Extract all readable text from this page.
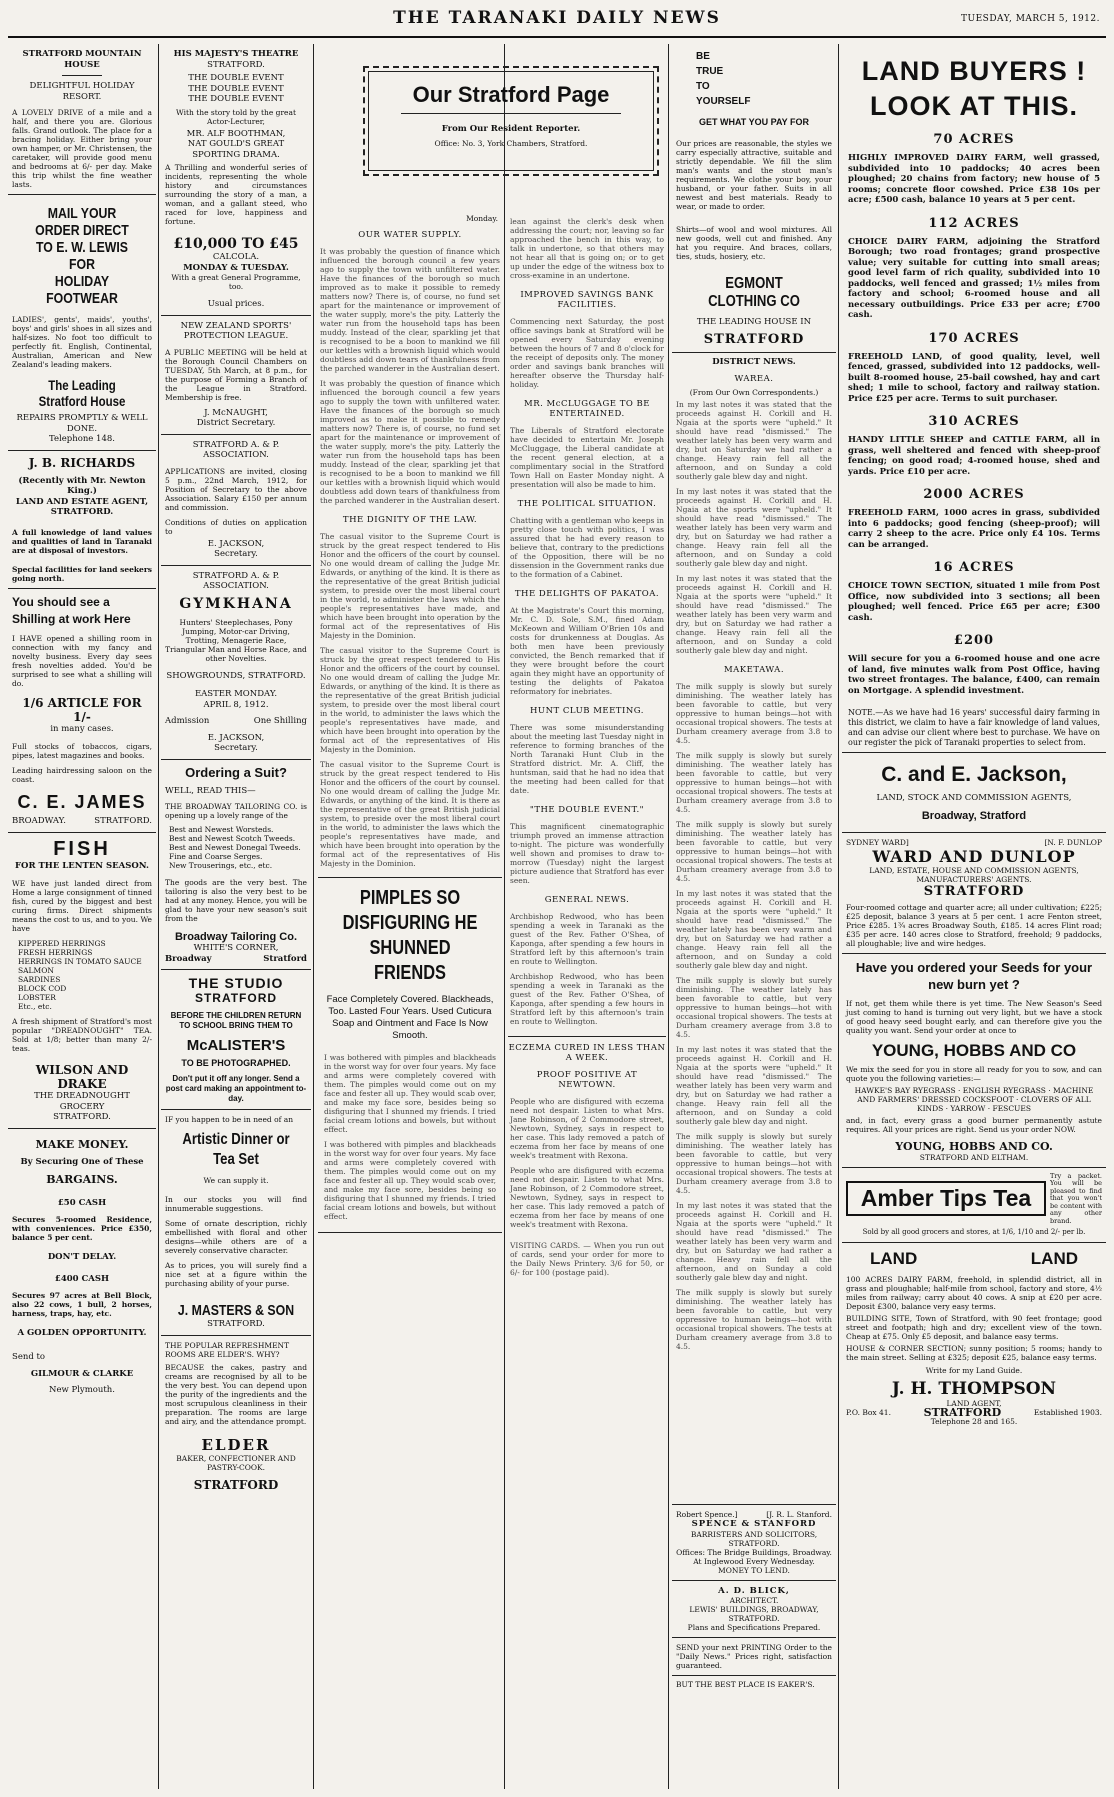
THE TARANAKI DAILY NEWS	TUESDAY, MARCH 5, 1912.
STRATFORD MOUNTAIN HOUSE
DELIGHTFUL HOLIDAY RESORT.
A LOVELY DRIVE of a mile and a half, and there you are. Glorious falls. Grand outlook. The place for a bracing holiday. Either bring your own hamper, or Mr. Christensen, the caretaker, will provide good menu and bedrooms at 6/- per day. Make this trip whilst the fine weather lasts.
MAIL YOUR ORDER DIRECT
TO E. W. LEWIS FOR
HOLIDAY FOOTWEAR
LADIES', gents', maids', youths', boys' and girls' shoes in all sizes and half-sizes. No foot too difficult to perfectly fit. English, Continental, Australian, American and New Zealand's leading makers.
The Leading Stratford House
REPAIRS PROMPTLY & WELL DONE.
Telephone 148.
J. B. RICHARDS
(Recently with Mr. Newton King.)
LAND AND ESTATE AGENT,
STRATFORD.
A full knowledge of land values and qualities of land in Taranaki are at disposal of investors.
Special facilities for land seekers going north.
You should see a Shilling at work Here
I HAVE opened a shilling room in connection with my fancy and novelty business. Every day sees fresh novelties added. You'd be surprised to see what a shilling will do.
1/6 ARTICLE FOR 1/-
in many cases.
Full stocks of tobaccos, cigars, pipes, latest magazines and books.
Leading hairdressing saloon on the coast.
C. E. JAMES
BROADWAY.	STRATFORD.
FISH
FOR THE LENTEN SEASON.
WE have just landed direct from Home a large consignment of tinned fish, cured by the biggest and best curing firms. Direct shipments means the cost to us, and to you. We have
KIPPERED HERRINGS
FRESH HERRINGS
HERRINGS IN TOMATO SAUCE
SALMON
SARDINES
BLOCK COD
LOBSTER
Etc., etc.
A fresh shipment of Stratford's most popular "DREADNOUGHT" TEA. Sold at 1/8; better than many 2/- teas.
WILSON AND DRAKE
THE DREADNOUGHT GROCERY
STRATFORD.
MAKE MONEY.
By Securing One of These
BARGAINS.
£50 CASH
Secures 5-roomed Residence, with conveniences. Price £350, balance 5 per cent.
DON'T DELAY.
£400 CASH
Secures 97 acres at Bell Block, also 22 cows, 1 bull, 2 horses, harness, traps, hay, etc.
A GOLDEN OPPORTUNITY.
Send to
GILMOUR & CLARKE
New Plymouth.
HIS MAJESTY'S THEATRE
STRATFORD.
THE DOUBLE EVENT
THE DOUBLE EVENT
THE DOUBLE EVENT
With the story told by the great Actor-Lecturer,
MR. ALF BOOTHMAN,
NAT GOULD'S GREAT SPORTING DRAMA.
A Thrilling and wonderful series of incidents, representing the whole history and circumstances surrounding the story of a man, a woman, and a gallant steed, who raced for love, happiness and fortune.
£10,000 TO £45
CALCOLA.
MONDAY & TUESDAY.
With a great General Programme, too.
Usual prices.
NEW ZEALAND SPORTS' PROTECTION LEAGUE.
A PUBLIC MEETING will be held at the Borough Council Chambers on TUESDAY, 5th March, at 8 p.m., for the purpose of Forming a Branch of the League in Stratford. Membership is free.
J. McNAUGHT,
District Secretary.
STRATFORD A. & P. ASSOCIATION.
APPLICATIONS are invited, closing 5 p.m., 22nd March, 1912, for Position of Secretary to the above Association. Salary £150 per annum and commission.
Conditions of duties on application to
E. JACKSON,
Secretary.
STRATFORD A. & P. ASSOCIATION.
GYMKHANA
Hunters' Steeplechases, Pony Jumping, Motor-car Driving, Trotting, Menagerie Race, Triangular Man and Horse Race, and other Novelties.
SHOWGROUNDS, STRATFORD.
EASTER MONDAY.
APRIL 8, 1912.
Admission	One Shilling
E. JACKSON,
Secretary.
Ordering a Suit?
WELL, READ THIS—
THE BROADWAY TAILORING CO. is opening up a lovely range of the
Best and Newest Worsteds.
Best and Newest Scotch Tweeds.
Best and Newest Donegal Tweeds.
Fine and Coarse Serges.
New Trouserings, etc., etc.
The goods are the very best. The tailoring is also the very best to be had at any money. Hence, you will be glad to have your new season's suit from the
Broadway Tailoring Co.
WHITE'S CORNER,
Broadway	Stratford
THE STUDIO
STRATFORD
BEFORE THE CHILDREN RETURN TO SCHOOL BRING THEM TO
McALISTER'S
TO BE PHOTOGRAPHED.
Don't put it off any longer. Send a post card making an appointment to-day.
IF you happen to be in need of an
Artistic Dinner or Tea Set
We can supply it.
In our stocks you will find innumerable suggestions.
Some of ornate description, richly embellished with floral and other designs—while others are of a severely conservative character.
As to prices, you will surely find a nice set at a figure within the purchasing ability of your purse.
J. MASTERS & SON
STRATFORD.
THE POPULAR REFRESHMENT ROOMS ARE ELDER'S. WHY?
BECAUSE the cakes, pastry and creams are recognised by all to be the very best. You can depend upon the purity of the ingredients and the most scrupulous cleanliness in their preparation. The rooms are large and airy, and the attendance prompt.
ELDER
BAKER, CONFECTIONER AND PASTRY-COOK.
STRATFORD
Our Stratford Page
From Our Resident Reporter.
Office: No. 3, York Chambers, Stratford.
Monday.
OUR WATER SUPPLY.
It was probably the question of finance which influenced the borough council a few years ago to supply the town with unfiltered water. Have the finances of the borough so much improved as to make it possible to remedy matters now? There is, of course, no fund set apart for the maintenance or improvement of the water supply, more's the pity. Latterly the water run from the household taps has been muddy. Instead of the clear, sparkling jet that is recognised to be a boon to mankind we fill our kettles with a brownish liquid which would doubtless add down tears of thankfulness from the parched wanderer in the Australian desert.
It was probably the question of finance which influenced the borough council a few years ago to supply the town with unfiltered water. Have the finances of the borough so much improved as to make it possible to remedy matters now? There is, of course, no fund set apart for the maintenance or improvement of the water supply, more's the pity. Latterly the water run from the household taps has been muddy. Instead of the clear, sparkling jet that is recognised to be a boon to mankind we fill our kettles with a brownish liquid which would doubtless add down tears of thankfulness from the parched wanderer in the Australian desert.
THE DIGNITY OF THE LAW.
The casual visitor to the Supreme Court is struck by the great respect tendered to His Honor and the officers of the court by counsel. No one would dream of calling the Judge Mr. Edwards, or anything of the kind. It is there as the representative of the great British judicial system, to preside over the most liberal court in the world, to administer the laws which the people's representatives have made, and which have been brought into operation by the formal act of the representatives of His Majesty in the Dominion.
The casual visitor to the Supreme Court is struck by the great respect tendered to His Honor and the officers of the court by counsel. No one would dream of calling the Judge Mr. Edwards, or anything of the kind. It is there as the representative of the great British judicial system, to preside over the most liberal court in the world, to administer the laws which the people's representatives have made, and which have been brought into operation by the formal act of the representatives of His Majesty in the Dominion.
The casual visitor to the Supreme Court is struck by the great respect tendered to His Honor and the officers of the court by counsel. No one would dream of calling the Judge Mr. Edwards, or anything of the kind. It is there as the representative of the great British judicial system, to preside over the most liberal court in the world, to administer the laws which the people's representatives have made, and which have been brought into operation by the formal act of the representatives of His Majesty in the Dominion.
PIMPLES SO DISFIGURING HE SHUNNED FRIENDS
Face Completely Covered. Blackheads, Too. Lasted Four Years. Used Cuticura Soap and Ointment and Face Is Now Smooth.
I was bothered with pimples and blackheads in the worst way for over four years. My face and arms were completely covered with them. The pimples would come out on my face and fester all up. They would scab over, and make my face sore, besides being so disfiguring that I shunned my friends. I tried facial cream lotions and bowels, but without effect.
I was bothered with pimples and blackheads in the worst way for over four years. My face and arms were completely covered with them. The pimples would come out on my face and fester all up. They would scab over, and make my face sore, besides being so disfiguring that I shunned my friends. I tried facial cream lotions and bowels, but without effect.
lean against the clerk's desk when addressing the court; nor, leaving so far approached the bench in this way, to talk in undertone, so that others may not hear all that is going on; or to get up under the edge of the witness box to cross-examine in an undertone.
IMPROVED SAVINGS BANK FACILITIES.
Commencing next Saturday, the post office savings bank at Stratford will be opened every Saturday evening between the hours of 7 and 8 o'clock for the receipt of deposits only. The money order and savings bank branches will hereafter observe the Thursday half-holiday.
MR. McCLUGGAGE TO BE ENTERTAINED.
The Liberals of Stratford electorate have decided to entertain Mr. Joseph McCluggage, the Liberal candidate at the recent general election, at a complimentary social in the Stratford Town Hall on Easter Monday night. A presentation will also be made to him.
THE POLITICAL SITUATION.
Chatting with a gentleman who keeps in pretty close touch with politics, I was assured that he had every reason to believe that, contrary to the predictions of the Opposition, there will be no dissension in the Government ranks due to the formation of a Cabinet.
THE DELIGHTS OF PAKATOA.
At the Magistrate's Court this morning, Mr. C. D. Sole, S.M., fined Adam McKeown and William O'Brien 10s and costs for drunkenness at Douglas. As both men have been previously convicted, the Bench remarked that if they were brought before the court again they might have an opportunity of testing the delights of Pakatoa reformatory for inebriates.
HUNT CLUB MEETING.
There was some misunderstanding about the meeting last Tuesday night in reference to forming branches of the North Taranaki Hunt Club in the Stratford district. Mr. A. Cliff, the huntsman, said that he had no idea that the meeting had been called for that date.
"THE DOUBLE EVENT."
This magnificent cinematographic triumph proved an immense attraction to-night. The picture was wonderfully well shown and promises to draw to-morrow (Tuesday) night the largest picture audience that Stratford has ever seen.
GENERAL NEWS.
Archbishop Redwood, who has been spending a week in Taranaki as the guest of the Rev. Father O'Shea, of Kaponga, after spending a few hours in Stratford left by this afternoon's train en route to Wellington.
Archbishop Redwood, who has been spending a week in Taranaki as the guest of the Rev. Father O'Shea, of Kaponga, after spending a few hours in Stratford left by this afternoon's train en route to Wellington.
ECZEMA CURED IN LESS THAN A WEEK.
PROOF POSITIVE AT NEWTOWN.
People who are disfigured with eczema need not despair. Listen to what Mrs. Jane Robinson, of 2 Commodore street, Newtown, Sydney, says in respect to her case. This lady removed a patch of eczema from her face by means of one week's treatment with Rexona.
People who are disfigured with eczema need not despair. Listen to what Mrs. Jane Robinson, of 2 Commodore street, Newtown, Sydney, says in respect to her case. This lady removed a patch of eczema from her face by means of one week's treatment with Rexona.
VISITING CARDS. — When you run out of cards, send your order for more to the Daily News Printery. 3/6 for 50, or 6/- for 100 (postage paid).
BE
TRUE
TO
YOURSELF
GET WHAT YOU PAY FOR
Our prices are reasonable, the styles we carry especially attractive, suitable and strictly dependable. We fill the slim man's wants and the stout man's requirements. We clothe your boy, your husband, or your father. Suits in all newest and best materials. Ready to wear, or made to order.
Shirts—of wool and wool mixtures. All new goods, well cut and finished. Any hat you require. And braces, collars, ties, studs, hosiery, etc.
EGMONT CLOTHING CO
THE LEADING HOUSE IN
STRATFORD
DISTRICT NEWS.
WAREA.
(From Our Own Correspondents.)
In my last notes it was stated that the proceeds against H. Corkill and H. Ngaia at the sports were "upheld." It should have read "dismissed." The weather lately has been very warm and dry, but on Saturday we had rather a change. Heavy rain fell all the afternoon, and on Sunday a cold southerly gale blew day and night.
In my last notes it was stated that the proceeds against H. Corkill and H. Ngaia at the sports were "upheld." It should have read "dismissed." The weather lately has been very warm and dry, but on Saturday we had rather a change. Heavy rain fell all the afternoon, and on Sunday a cold southerly gale blew day and night.
In my last notes it was stated that the proceeds against H. Corkill and H. Ngaia at the sports were "upheld." It should have read "dismissed." The weather lately has been very warm and dry, but on Saturday we had rather a change. Heavy rain fell all the afternoon, and on Sunday a cold southerly gale blew day and night.
MAKETAWA.
The milk supply is slowly but surely diminishing. The weather lately has been favorable to cattle, but very oppressive to human beings—hot with occasional tropical showers. The tests at Durham creamery average from 3.8 to 4.5.
The milk supply is slowly but surely diminishing. The weather lately has been favorable to cattle, but very oppressive to human beings—hot with occasional tropical showers. The tests at Durham creamery average from 3.8 to 4.5.
The milk supply is slowly but surely diminishing. The weather lately has been favorable to cattle, but very oppressive to human beings—hot with occasional tropical showers. The tests at Durham creamery average from 3.8 to 4.5.
In my last notes it was stated that the proceeds against H. Corkill and H. Ngaia at the sports were "upheld." It should have read "dismissed." The weather lately has been very warm and dry, but on Saturday we had rather a change. Heavy rain fell all the afternoon, and on Sunday a cold southerly gale blew day and night.
The milk supply is slowly but surely diminishing. The weather lately has been favorable to cattle, but very oppressive to human beings—hot with occasional tropical showers. The tests at Durham creamery average from 3.8 to 4.5.
In my last notes it was stated that the proceeds against H. Corkill and H. Ngaia at the sports were "upheld." It should have read "dismissed." The weather lately has been very warm and dry, but on Saturday we had rather a change. Heavy rain fell all the afternoon, and on Sunday a cold southerly gale blew day and night.
The milk supply is slowly but surely diminishing. The weather lately has been favorable to cattle, but very oppressive to human beings—hot with occasional tropical showers. The tests at Durham creamery average from 3.8 to 4.5.
In my last notes it was stated that the proceeds against H. Corkill and H. Ngaia at the sports were "upheld." It should have read "dismissed." The weather lately has been very warm and dry, but on Saturday we had rather a change. Heavy rain fell all the afternoon, and on Sunday a cold southerly gale blew day and night.
The milk supply is slowly but surely diminishing. The weather lately has been favorable to cattle, but very oppressive to human beings—hot with occasional tropical showers. The tests at Durham creamery average from 3.8 to 4.5.
Robert Spence.]	[J. R. L. Stanford.
SPENCE & STANFORD
BARRISTERS AND SOLICITORS,
STRATFORD.
Offices: The Bridge Buildings, Broadway.
At Inglewood Every Wednesday.
MONEY TO LEND.
A. D. BLICK,
ARCHITECT.
LEWIS' BUILDINGS, BROADWAY,
STRATFORD.
Plans and Specifications Prepared.
SEND your next PRINTING Order to the "Daily News." Prices right, satisfaction guaranteed.
BUT THE BEST PLACE IS EAKER'S.
LAND BUYERS !
LOOK AT THIS.
70 ACRES
HIGHLY IMPROVED DAIRY FARM, well grassed, subdivided into 10 paddocks; 40 acres been ploughed; 20 chains from factory; new house of 5 rooms; concrete floor cowshed. Price £38 10s per acre; £500 cash, balance 10 years at 5 per cent.
112 ACRES
CHOICE DAIRY FARM, adjoining the Stratford Borough; two road frontages; grand prospective value; very suitable for cutting into small areas; good level farm of rich quality, subdivided into 10 paddocks, well fenced and grassed; 1½ miles from factory and school; 6-roomed house and all necessary outbuildings. Price £33 per acre; £700 cash.
170 ACRES
FREEHOLD LAND, of good quality, level, well fenced, grassed, subdivided into 12 paddocks, well-built 8-roomed house, 25-bail cowshed, hay and cart shed; 1 mile to school, factory and railway station. Price £25 per acre. Terms to suit purchaser.
310 ACRES
HANDY LITTLE SHEEP and CATTLE FARM, all in grass, well sheltered and fenced with sheep-proof fencing; on good road; 4-roomed house, shed and yards. Price £10 per acre.
2000 ACRES
FREEHOLD FARM, 1000 acres in grass, subdivided into 6 paddocks; good fencing (sheep-proof); will carry 2 sheep to the acre. Price only £4 10s. Terms can be arranged.
16 ACRES
CHOICE TOWN SECTION, situated 1 mile from Post Office, now subdivided into 3 sections; all been ploughed; well fenced. Price £65 per acre; £300 cash.
£200
Will secure for you a 6-roomed house and one acre of land, five minutes walk from Post Office, having two street frontages. The balance, £400, can remain on Mortgage. A splendid investment.
NOTE.—As we have had 16 years' successful dairy farming in this district, we claim to have a fair knowledge of land values, and can advise our client where best to purchase. We have on our register the pick of Taranaki properties to select from.
C. and E. Jackson,
LAND, STOCK AND COMMISSION AGENTS,
Broadway, Stratford
SYDNEY WARD]	[N. F. DUNLOP
WARD AND DUNLOP
LAND, ESTATE, HOUSE AND COMMISSION AGENTS, MANUFACTURERS' AGENTS.
STRATFORD
Four-roomed cottage and quarter acre; all under cultivation; £225; £25 deposit, balance 3 years at 5 per cent. 1 acre Fenton street, Price £285. 1¾ acres Broadway South, £185. 14 acres Flint road; £35 per acre. 140 acres close to Stratford, freehold; 9 paddocks, all ploughable; live and wire hedges.
Have you ordered your Seeds for your new burn yet ?
If not, get them while there is yet time. The New Season's Seed just coming to hand is turning out very light, but we have a stock of good heavy seed bought early, and can therefore give you the quality you want. Send your order at once to
YOUNG, HOBBS AND CO
We mix the seed for you in store all ready for you to sow, and can quote you the following varieties:—
HAWKE'S BAY RYEGRASS · ENGLISH RYEGRASS · MACHINE AND FARMERS' DRESSED COCKSFOOT · CLOVERS OF ALL KINDS · YARROW · FESCUES
and, in fact, every grass a good burner permanently astute requires. All your prices are right. Send us your order NOW.
YOUNG, HOBBS AND CO.
STRATFORD AND ELTHAM.
Amber Tips Tea
Try a packet. You will be pleased to find that you won't be content with any other brand.
Sold by all good grocers and stores, at 1/6, 1/10 and 2/- per lb.
LAND	LAND
100 ACRES DAIRY FARM, freehold, in splendid district, all in grass and ploughable; half-mile from school, factory and store, 4½ miles from railway; carry about 40 cows. A snip at £20 per acre. Deposit £300, balance very easy terms.
BUILDING SITE, Town of Stratford, with 90 feet frontage; good street and footpath; high and dry; excellent view of the town. Cheap at £75. Only £5 deposit, and balance easy terms.
HOUSE & CORNER SECTION; sunny position; 5 rooms; handy to the main street. Selling at £325; deposit £25, balance easy terms.
Write for my Land Guide.
J. H. THOMPSON
LAND AGENT,
P.O. Box 41.	STRATFORD	Established 1903.
Telephone 28 and 165.
